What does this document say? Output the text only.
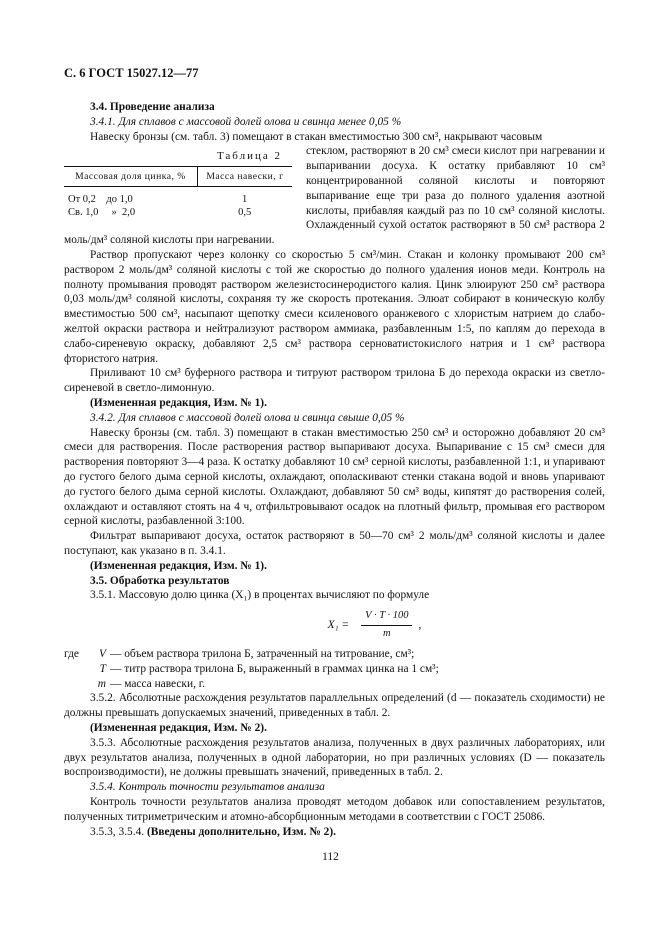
С. 6 ГОСТ 15027.12—77

3.4. Проведение анализа

3.4.1. Для сплавов с массовой долей олова и свинца менее 0,05 %

Навеску бронзы (см. табл. 3) помещают в стакан вместимостью 300 см³, накрывают часовым

Таблица 2
Массовая доля цинка, %	Масса навески, г
От 0,2    до 1,0	1
Св. 1,0     »  2,0	0,5

стеклом, растворяют в 20 см³ смеси кислот при нагревании и выпаривании досуха. К остатку прибавляют 10 см³ концентрированной соляной кислоты и повторяют выпаривание еще три раза до полного удаления азотной кислоты, прибавляя каждый раз по 10 см³ соляной кислоты. Охлажденный сухой остаток растворяют в 50 см³ раствора 2 моль/дм³ соляной кислоты при нагревании.

Раствор пропускают через колонку со скоростью 5 см³/мин. Стакан и колонку промывают 200 см³ раствором 2 моль/дм³ соляной кислоты с той же скоростью до полного удаления ионов меди. Контроль на полноту промывания проводят раствором железистосинеродистого калия. Цинк элюируют 250 см³ раствора 0,03 моль/дм³ соляной кислоты, сохраняя ту же скорость протекания. Элюат собирают в коническую колбу вместимостью 500 см³, насыпают щепотку смеси ксиленового оранжевого с хлористым натрием до слабо-желтой окраски раствора и нейтрализуют раствором аммиака, разбавленным 1:5, по каплям до перехода в слабо-сиреневую окраску, добавляют 2,5 см³ раствора серноватистокислого натрия и 1 см³ раствора фтористого натрия.

Приливают 10 см³ буферного раствора и титруют раствором трилона Б до перехода окраски из светло-сиреневой в светло-лимонную.

(Измененная редакция, Изм. № 1).

3.4.2. Для сплавов с массовой долей олова и свинца свыше 0,05 %

Навеску бронзы (см. табл. 3) помещают в стакан вместимостью 250 см³ и осторожно добавляют 20 см³ смеси для растворения. После растворения раствор выпаривают досуха. Выпаривание с 15 см³ смеси для растворения повторяют 3—4 раза. К остатку добавляют 10 см³ серной кислоты, разбавленной 1:1, и упаривают до густого белого дыма серной кислоты, охлаждают, ополаскивают стенки стакана водой и вновь упаривают до густого белого дыма серной кислоты. Охлаждают, добавляют 50 см³ воды, кипятят до растворения солей, охлаждают и оставляют стоять на 4 ч, отфильтровывают осадок на плотный фильтр, промывая его раствором серной кислоты, разбавленной 3:100.

Фильтрат выпаривают досуха, остаток растворяют в 50—70 см³ 2 моль/дм³ соляной кислоты и далее поступают, как указано в п. 3.4.1.

(Измененная редакция, Изм. № 1).

3.5. Обработка результатов

3.5.1. Массовую долю цинка (X₁) в процентах вычисляют по формуле

$X_1 = \frac{V \cdot T \cdot 100}{m}$ ,
где	V — объем раствора трилона Б, затраченный на титрование, см³;
T — титр раствора трилона Б, выраженный в граммах цинка на 1 см³;
m — масса навески, г.

3.5.2. Абсолютные расхождения результатов параллельных определений (d — показатель сходимости) не должны превышать допускаемых значений, приведенных в табл. 2.

(Измененная редакция, Изм. № 2).

3.5.3. Абсолютные расхождения результатов анализа, полученных в двух различных лабораториях, или двух результатов анализа, полученных в одной лаборатории, но при различных условиях (D — показатель воспроизводимости), не должны превышать значений, приведенных в табл. 2.

3.5.4. Контроль точности результатов анализа

Контроль точности результатов анализа проводят методом добавок или сопоставлением результатов, полученных титриметрическим и атомно-абсорбционным методами в соответствии с ГОСТ 25086.

3.5.3, 3.5.4. (Введены дополнительно, Изм. № 2).

112
